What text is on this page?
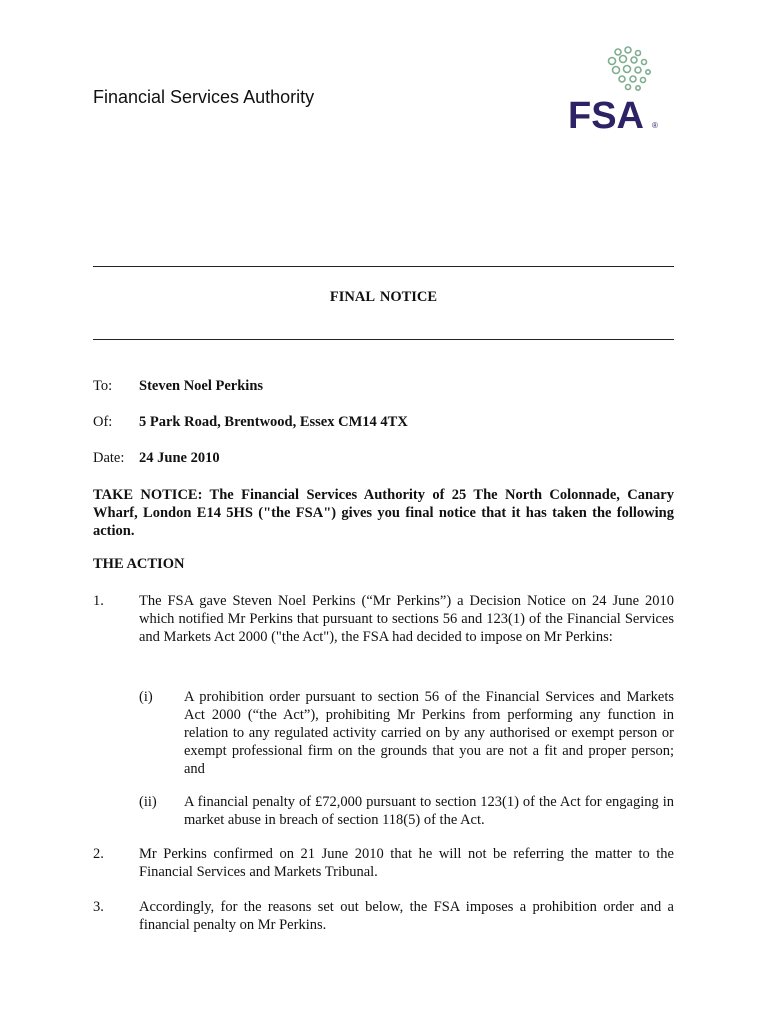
Financial Services Authority	FSA ®
FINAL NOTICE
To: Steven Noel Perkins
Of: 5 Park Road, Brentwood, Essex CM14 4TX
Date: 24 June 2010
TAKE NOTICE: The Financial Services Authority of 25 The North Colonnade, Canary Wharf, London E14 5HS ("the FSA") gives you final notice that it has taken the following action.
THE ACTION
1. The FSA gave Steven Noel Perkins (“Mr Perkins”) a Decision Notice on 24 June 2010 which notified Mr Perkins that pursuant to sections 56 and 123(1) of the Financial Services and Markets Act 2000 ("the Act"), the FSA had decided to impose on Mr Perkins:
(i) A prohibition order pursuant to section 56 of the Financial Services and Markets Act 2000 (“the Act”), prohibiting Mr Perkins from performing any function in relation to any regulated activity carried on by any authorised or exempt person or exempt professional firm on the grounds that you are not a fit and proper person; and
(ii) A financial penalty of £72,000 pursuant to section 123(1) of the Act for engaging in market abuse in breach of section 118(5) of the Act.
2. Mr Perkins confirmed on 21 June 2010 that he will not be referring the matter to the Financial Services and Markets Tribunal.
3. Accordingly, for the reasons set out below, the FSA imposes a prohibition order and a financial penalty on Mr Perkins.
